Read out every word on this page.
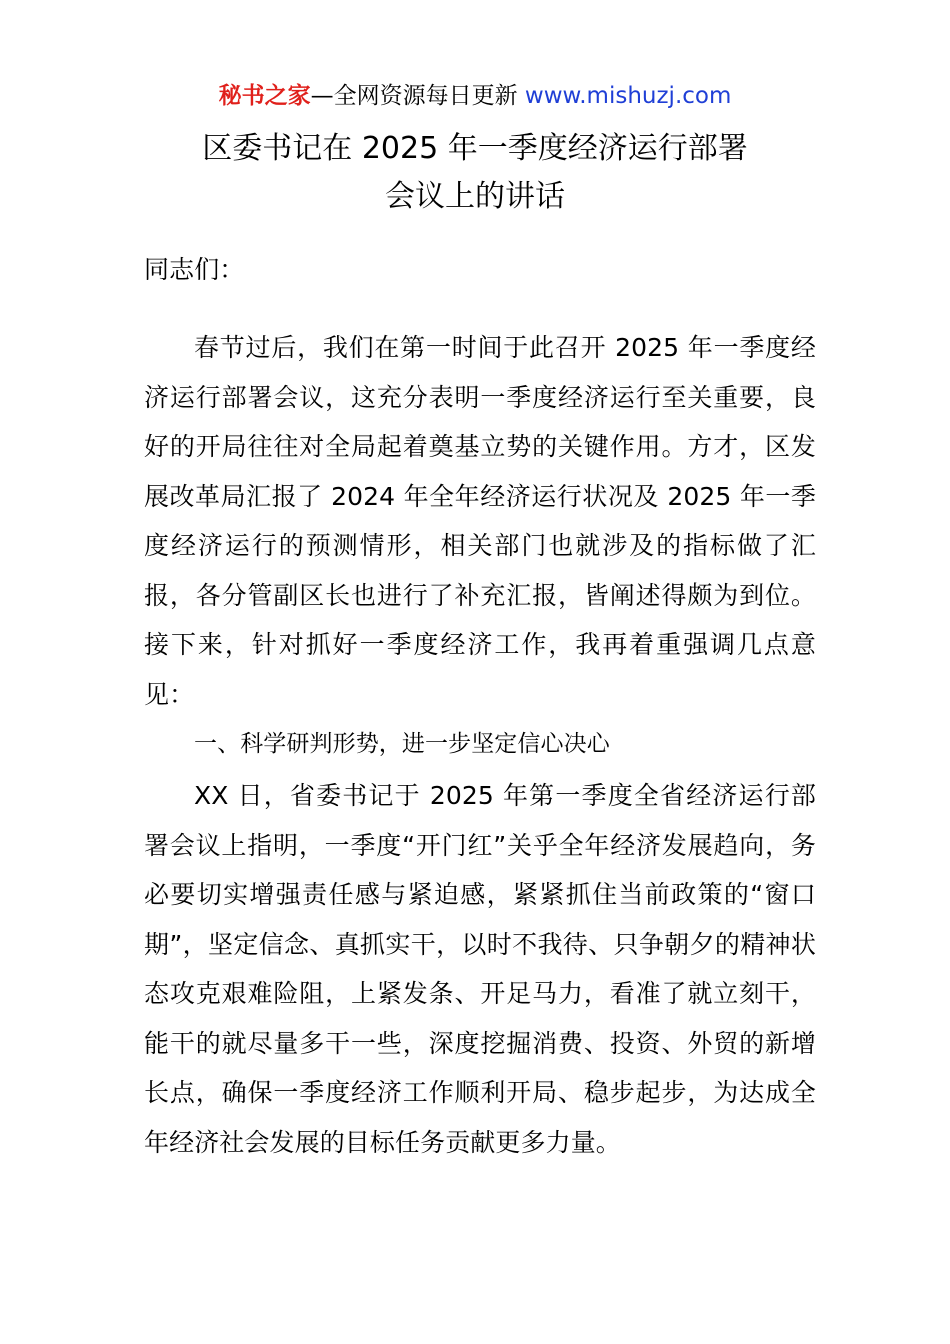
秘书之家—全网资源每日更新 www.mishuzj.com
区委书记在 2025 年一季度经济运行部署
会议上的讲话
同志们：

春节过后，我们在第一时间于此召开 2025 年一季度经济运行部署会议，这充分表明一季度经济运行至关重要，良好的开局往往对全局起着奠基立势的关键作用。方才，区发展改革局汇报了 2024 年全年经济运行状况及 2025 年一季度经济运行的预测情形，相关部门也就涉及的指标做了汇报，各分管副区长也进行了补充汇报，皆阐述得颇为到位。接下来，针对抓好一季度经济工作，我再着重强调几点意见：

一、科学研判形势，进一步坚定信心决心

XX 日，省委书记于 2025 年第一季度全省经济运行部署会议上指明，一季度“开门红”关乎全年经济发展趋向，务必要切实增强责任感与紧迫感，紧紧抓住当前政策的“窗口期”，坚定信念、真抓实干，以时不我待、只争朝夕的精神状态攻克艰难险阻，上紧发条、开足马力，看准了就立刻干，能干的就尽量多干一些，深度挖掘消费、投资、外贸的新增长点，确保一季度经济工作顺利开局、稳步起步，为达成全年经济社会发展的目标任务贡献更多力量。
